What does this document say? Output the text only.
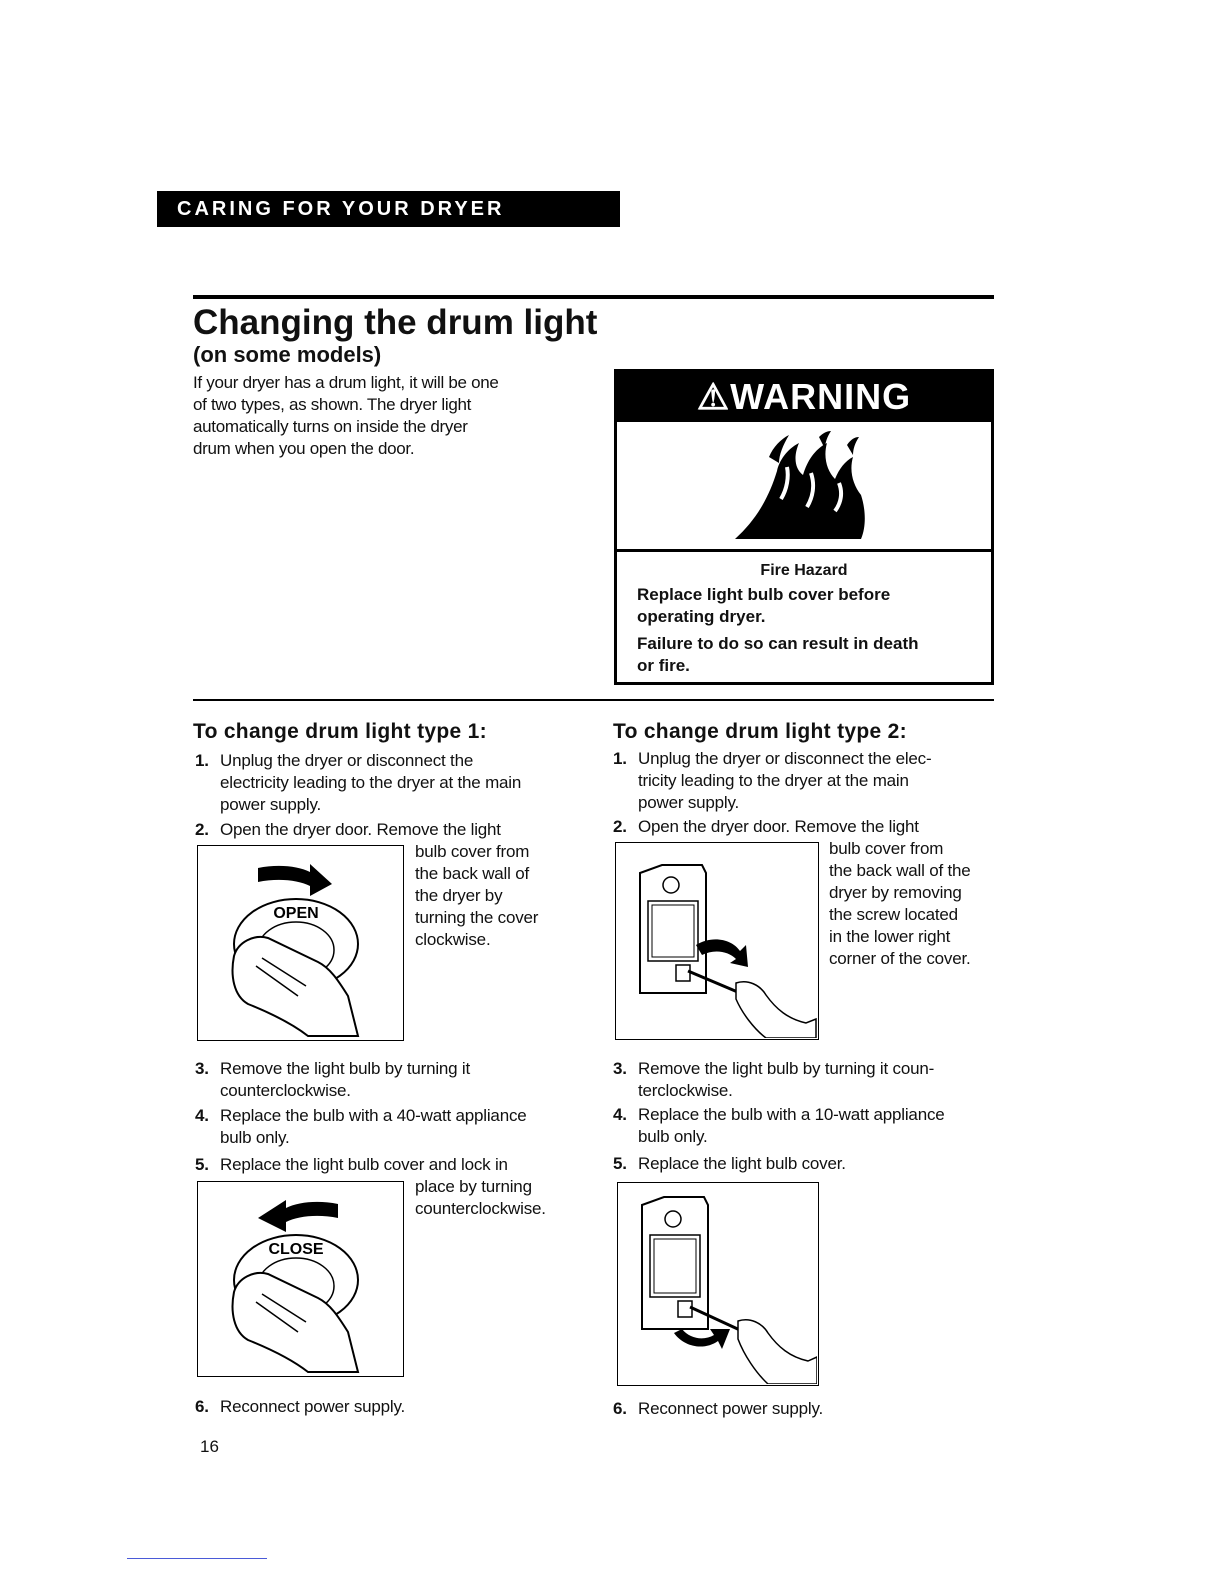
CARING FOR YOUR DRYER
Changing the drum light
(on some models)
If your dryer has a drum light, it will be one
of two types, as shown. The dryer light
automatically turns on inside the dryer
drum when you open the door.
⚠WARNING
Fire Hazard
Replace light bulb cover before
operating dryer.
Failure to do so can result in death
or fire.
To change drum light type 1:
1. Unplug the dryer or disconnect the
electricity leading to the dryer at the main
power supply.
2. Open the dryer door. Remove the light
bulb cover from
the back wall of
the dryer by
turning the cover
clockwise.
OPEN
3. Remove the light bulb by turning it
counterclockwise.
4. Replace the bulb with a 40-watt appliance
bulb only.
5. Replace the light bulb cover and lock in
place by turning
counterclockwise.
CLOSE
6. Reconnect power supply.
To change drum light type 2:
1. Unplug the dryer or disconnect the elec-
tricity leading to the dryer at the main
power supply.
2. Open the dryer door. Remove the light
bulb cover from
the back wall of the
dryer by removing
the screw located
in the lower right
corner of the cover.
3. Remove the light bulb by turning it coun-
terclockwise.
4. Replace the bulb with a 10-watt appliance
bulb only.
5. Replace the light bulb cover.
6. Reconnect power supply.
16
